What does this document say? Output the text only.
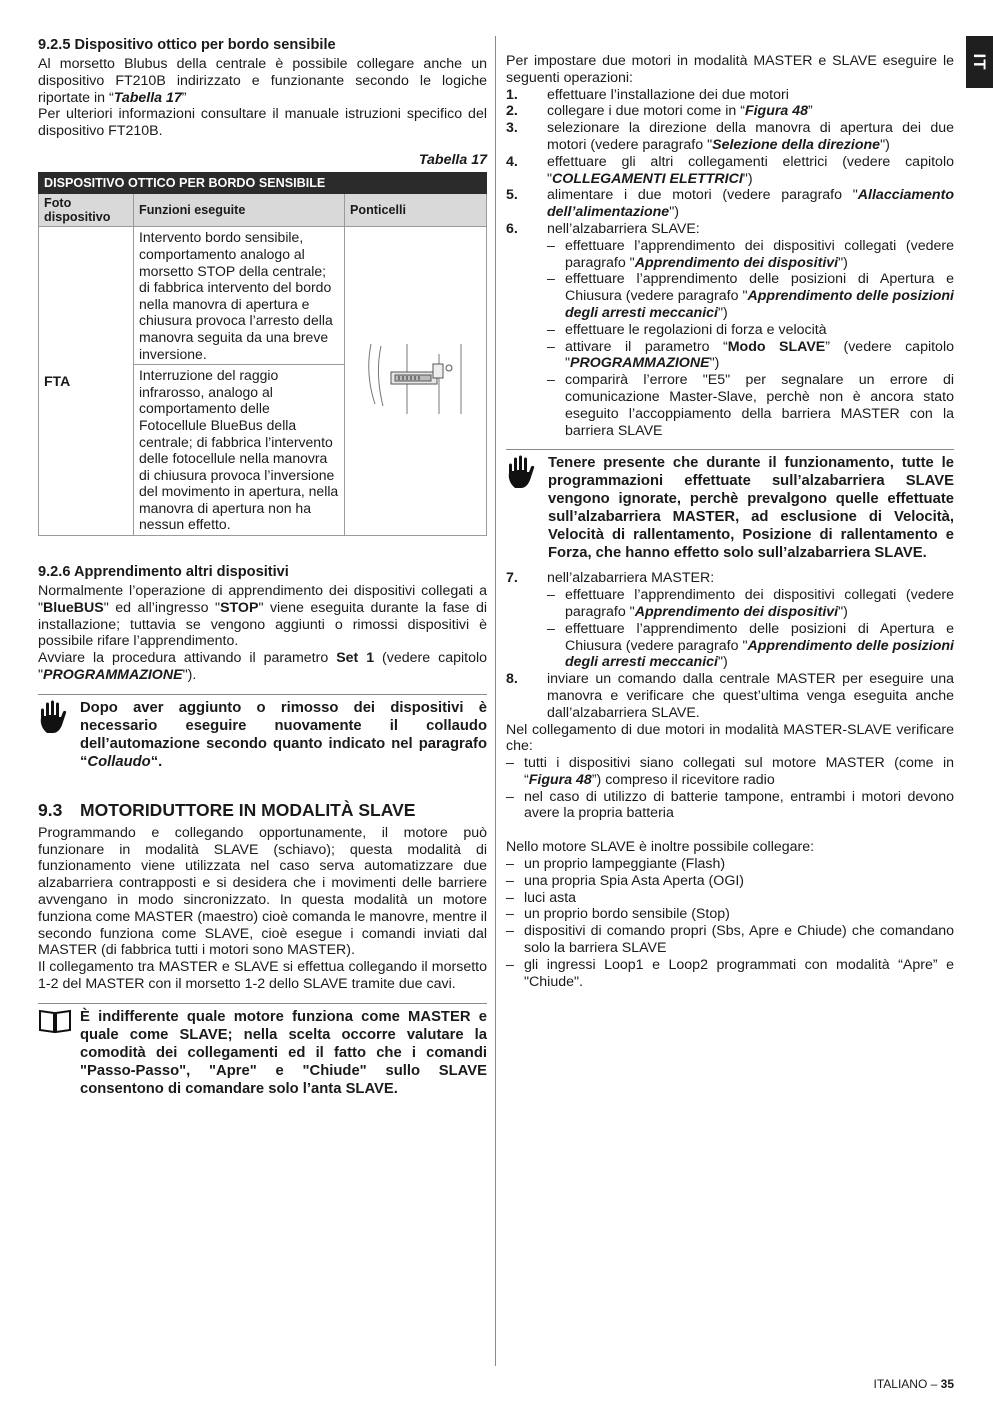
IT
9.2.5 Dispositivo ottico per bordo sensibile

Al morsetto Blubus della centrale è possibile collegare anche un dispositivo FT210B indirizzato e funzionante secondo le logiche riportate in “Tabella 17”

Per ulteriori informazioni consultare il manuale istruzioni specifico del dispositivo FT210B.

Tabella 17
DISPOSITIVO OTTICO PER BORDO SENSIBILE		
Foto dispositivo	Funzioni eseguite	Ponticelli
FTA	Intervento bordo sensibile, comportamento analogo al morsetto STOP della centrale; di fabbrica intervento del bordo nella manovra di apertura e chiusura provoca l’arresto della manovra seguita da una breve inversione.	
	Interruzione del raggio infrarosso, analogo al comportamento delle Fotocellule BlueBus della centrale; di fabbrica l’intervento delle fotocellule nella manovra di chiusura provoca l’inversione del movimento in apertura, nella manovra di apertura non ha nessun effetto.	
9.2.6 Apprendimento altri dispositivi

Normalmente l’operazione di apprendimento dei dispositivi collegati a "BlueBUS" ed all’ingresso "STOP" viene eseguita durante la fase di installazione; tuttavia se vengono aggiunti o rimossi dispositivi è possibile rifare l’apprendimento.

Avviare la procedura attivando il parametro Set 1 (vedere capitolo "PROGRAMMAZIONE").

Dopo aver aggiunto o rimosso dei dispositivi è necessario eseguire nuovamente il collaudo dell’automazione secondo quanto indicato nel paragrafo “Collaudo“.
9.3 MOTORIDUTTORE IN MODALITÀ SLAVE

Programmando e collegando opportunamente, il motore può funzionare in modalità SLAVE (schiavo); questa modalità di funzionamento viene utilizzata nel caso serva automatizzare due alzabarriera contrapposti e si desidera che i movimenti delle barriere avvengano in modo sincronizzato. In questa modalità un motore funziona come MASTER (maestro) cioè comanda le manovre, mentre il secondo funziona come SLAVE, cioè esegue i comandi inviati dal MASTER (di fabbrica tutti i motori sono MASTER).

Il collegamento tra MASTER e SLAVE si effettua collegando il morsetto 1-2 del MASTER con il morsetto 1-2 dello SLAVE tramite due cavi.

È indifferente quale motore funziona come MASTER e quale come SLAVE; nella scelta occorre valutare la comodità dei collegamenti ed il fatto che i comandi "Passo-Passo", "Apre" e "Chiude" sullo SLAVE consentono di comandare solo l’anta SLAVE.

Per impostare due motori in modalità MASTER e SLAVE eseguire le seguenti operazioni:

1.	effettuare l’installazione dei due motori
2.	collegare i due motori come in “Figura 48”
3.	selezionare la direzione della manovra di apertura dei due motori (vedere paragrafo "Selezione della direzione")
4.	effettuare gli altri collegamenti elettrici (vedere capitolo "COLLEGAMENTI ELETTRICI")
5.	alimentare i due motori (vedere paragrafo "Allacciamento dell’alimentazione")
6.	nell’alzabarriera SLAVE:
– effettuare l’apprendimento dei dispositivi collegati (vedere paragrafo "Apprendimento dei dispositivi")
– effettuare l’apprendimento delle posizioni di Apertura e Chiusura (vedere paragrafo "Apprendimento delle posizioni degli arresti meccanici")
– effettuare le regolazioni di forza e velocità
– attivare il parametro “Modo SLAVE” (vedere capitolo "PROGRAMMAZIONE")
– comparirà l’errore "E5" per segnalare un errore di comunicazione Master-Slave, perchè non è ancora stato eseguito l’accoppiamento della barriera MASTER con la barriera SLAVE
Tenere presente che durante il funzionamento, tutte le programmazioni effettuate sull’alzabarriera SLAVE vengono ignorate, perchè prevalgono quelle effettuate sull’alzabarriera MASTER, ad esclusione di Velocità, Velocità di rallentamento, Posizione di rallentamento e Forza, che hanno effetto solo sull’alzabarriera SLAVE.
7.	nell’alzabarriera MASTER:
– effettuare l’apprendimento dei dispositivi collegati (vedere paragrafo "Apprendimento dei dispositivi")
– effettuare l’apprendimento delle posizioni di Apertura e Chiusura (vedere paragrafo "Apprendimento delle posizioni degli arresti meccanici")
8.	inviare un comando dalla centrale MASTER per eseguire una manovra e verificare che quest’ultima venga eseguita anche dall’alzabarriera SLAVE.

Nel collegamento di due motori in modalità MASTER-SLAVE verificare che:

– tutti i dispositivi siano collegati sul motore MASTER (come in “Figura 48”) compreso il ricevitore radio
– nel caso di utilizzo di batterie tampone, entrambi i motori devono avere la propria batteria

Nello motore SLAVE è inoltre possibile collegare:

– un proprio lampeggiante (Flash)
– una propria Spia Asta Aperta (OGI)
– luci asta
– un proprio bordo sensibile (Stop)
– dispositivi di comando propri (Sbs, Apre e Chiude) che comandano solo la barriera SLAVE
– gli ingressi Loop1 e Loop2 programmati con modalità “Apre” e "Chiude".
ITALIANO – 35
